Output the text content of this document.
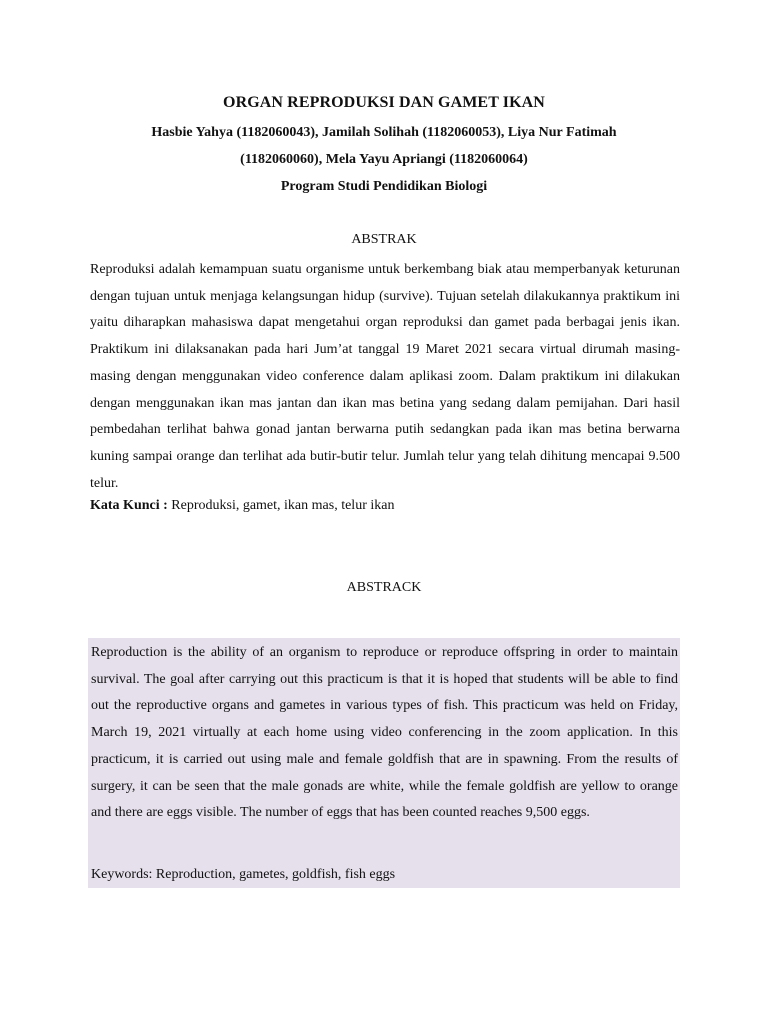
ORGAN REPRODUKSI DAN GAMET IKAN
Hasbie Yahya (1182060043), Jamilah Solihah (1182060053), Liya Nur Fatimah
(1182060060), Mela Yayu Apriangi (1182060064)
Program Studi Pendidikan Biologi
ABSTRAK

Reproduksi adalah kemampuan suatu organisme untuk berkembang biak atau memperbanyak keturunan dengan tujuan untuk menjaga kelangsungan hidup (survive). Tujuan setelah dilakukannya praktikum ini yaitu diharapkan mahasiswa dapat mengetahui organ reproduksi dan gamet pada berbagai jenis ikan. Praktikum ini dilaksanakan pada hari Jum’at tanggal 19 Maret 2021 secara virtual dirumah masing-masing dengan menggunakan video conference dalam aplikasi zoom. Dalam praktikum ini dilakukan dengan menggunakan ikan mas jantan dan ikan mas betina yang sedang dalam pemijahan. Dari hasil pembedahan terlihat bahwa gonad jantan berwarna putih sedangkan pada ikan mas betina berwarna kuning sampai orange dan terlihat ada butir-butir telur. Jumlah telur yang telah dihitung mencapai 9.500 telur.

Kata Kunci : Reproduksi, gamet, ikan mas, telur ikan
ABSTRACK

Reproduction is the ability of an organism to reproduce or reproduce offspring in order to maintain survival. The goal after carrying out this practicum is that it is hoped that students will be able to find out the reproductive organs and gametes in various types of fish. This practicum was held on Friday, March 19, 2021 virtually at each home using video conferencing in the zoom application. In this practicum, it is carried out using male and female goldfish that are in spawning. From the results of surgery, it can be seen that the male gonads are white, while the female goldfish are yellow to orange and there are eggs visible. The number of eggs that has been counted reaches 9,500 eggs.

Keywords: Reproduction, gametes, goldfish, fish eggs
